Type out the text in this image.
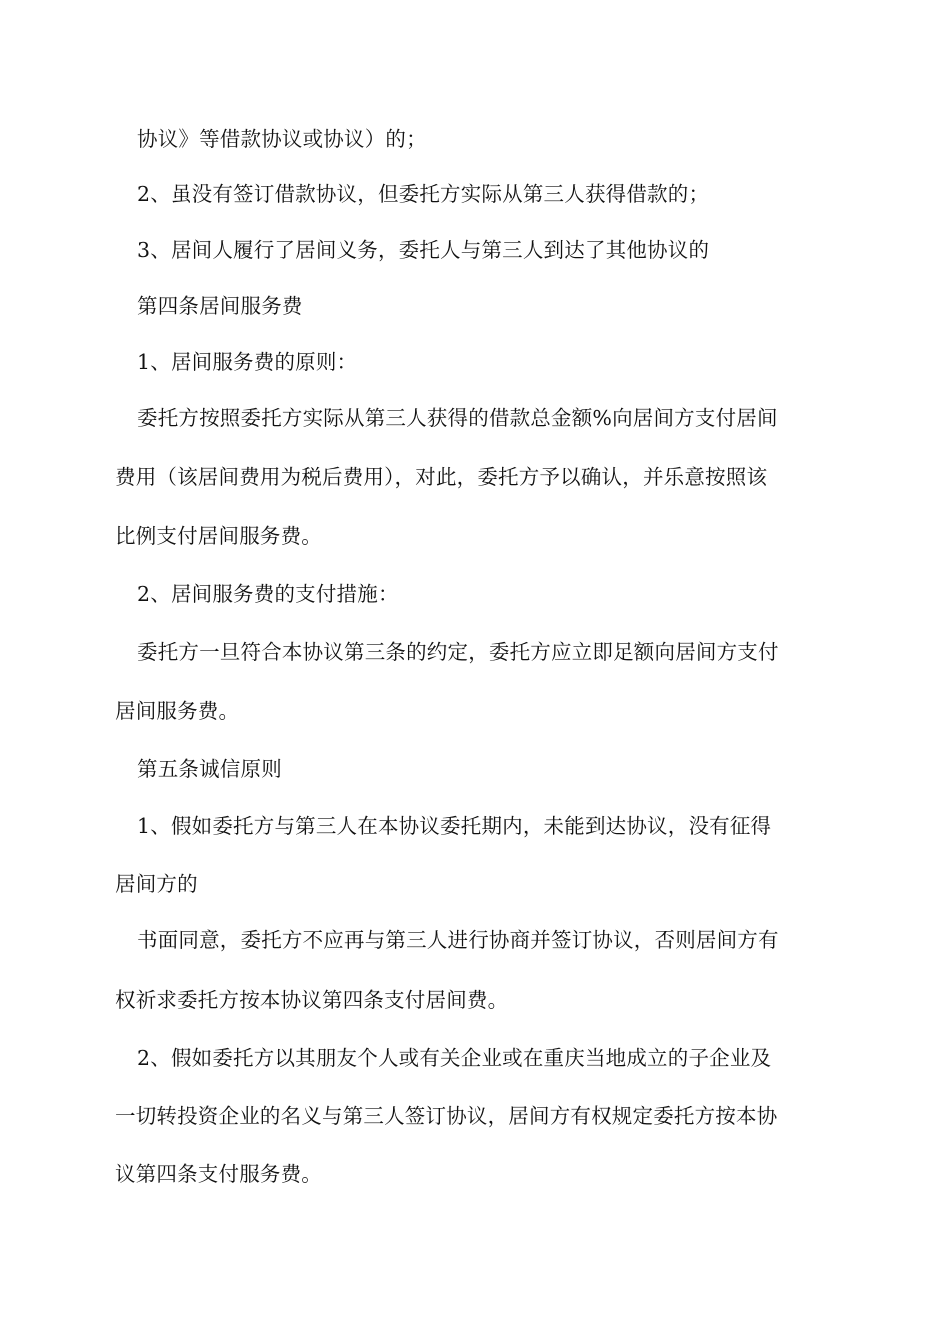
协议》等借款协议或协议）的；
2、虽没有签订借款协议，但委托方实际从第三人获得借款的；
3、居间人履行了居间义务，委托人与第三人到达了其他协议的
第四条居间服务费
1、居间服务费的原则：
委托方按照委托方实际从第三人获得的借款总金额%向居间方支付居间
费用（该居间费用为税后费用），对此，委托方予以确认，并乐意按照该
比例支付居间服务费。
2、居间服务费的支付措施：
委托方一旦符合本协议第三条的约定，委托方应立即足额向居间方支付
居间服务费。
第五条诚信原则
1、假如委托方与第三人在本协议委托期内，未能到达协议，没有征得
居间方的
书面同意，委托方不应再与第三人进行协商并签订协议，否则居间方有
权祈求委托方按本协议第四条支付居间费。
2、假如委托方以其朋友个人或有关企业或在重庆当地成立的子企业及
一切转投资企业的名义与第三人签订协议，居间方有权规定委托方按本协
议第四条支付服务费。
